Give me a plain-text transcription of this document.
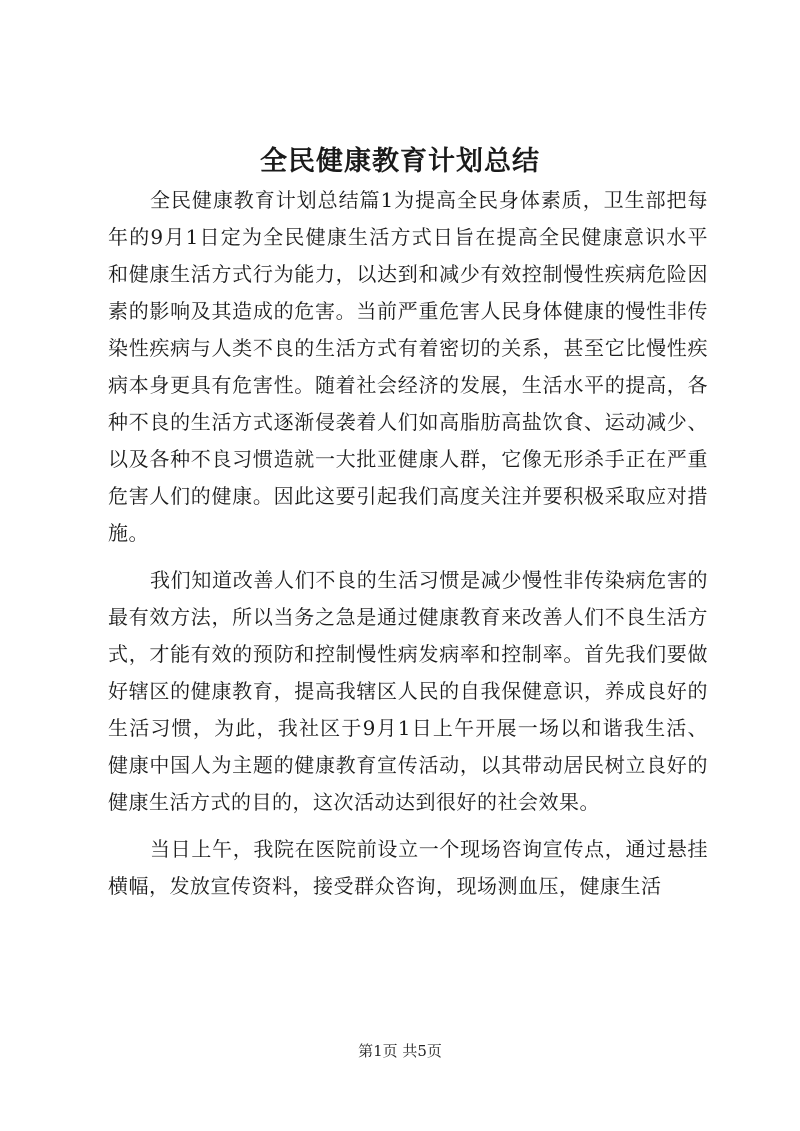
全民健康教育计划总结

全民健康教育计划总结篇1为提高全民身体素质，卫生部把每年的9月1日定为全民健康生活方式日旨在提高全民健康意识水平和健康生活方式行为能力，以达到和减少有效控制慢性疾病危险因素的影响及其造成的危害。当前严重危害人民身体健康的慢性非传染性疾病与人类不良的生活方式有着密切的关系，甚至它比慢性疾病本身更具有危害性。随着社会经济的发展，生活水平的提高，各种不良的生活方式逐渐侵袭着人们如高脂肪高盐饮食、运动减少、以及各种不良习惯造就一大批亚健康人群，它像无形杀手正在严重危害人们的健康。因此这要引起我们高度关注并要积极采取应对措施。

我们知道改善人们不良的生活习惯是减少慢性非传染病危害的最有效方法，所以当务之急是通过健康教育来改善人们不良生活方式，才能有效的预防和控制慢性病发病率和控制率。首先我们要做好辖区的健康教育，提高我辖区人民的自我保健意识，养成良好的生活习惯，为此，我社区于9月1日上午开展一场以和谐我生活、健康中国人为主题的健康教育宣传活动，以其带动居民树立良好的健康生活方式的目的，这次活动达到很好的社会效果。

当日上午，我院在医院前设立一个现场咨询宣传点，通过悬挂横幅，发放宣传资料，接受群众咨询，现场测血压，健康生活

第1页 共5页
